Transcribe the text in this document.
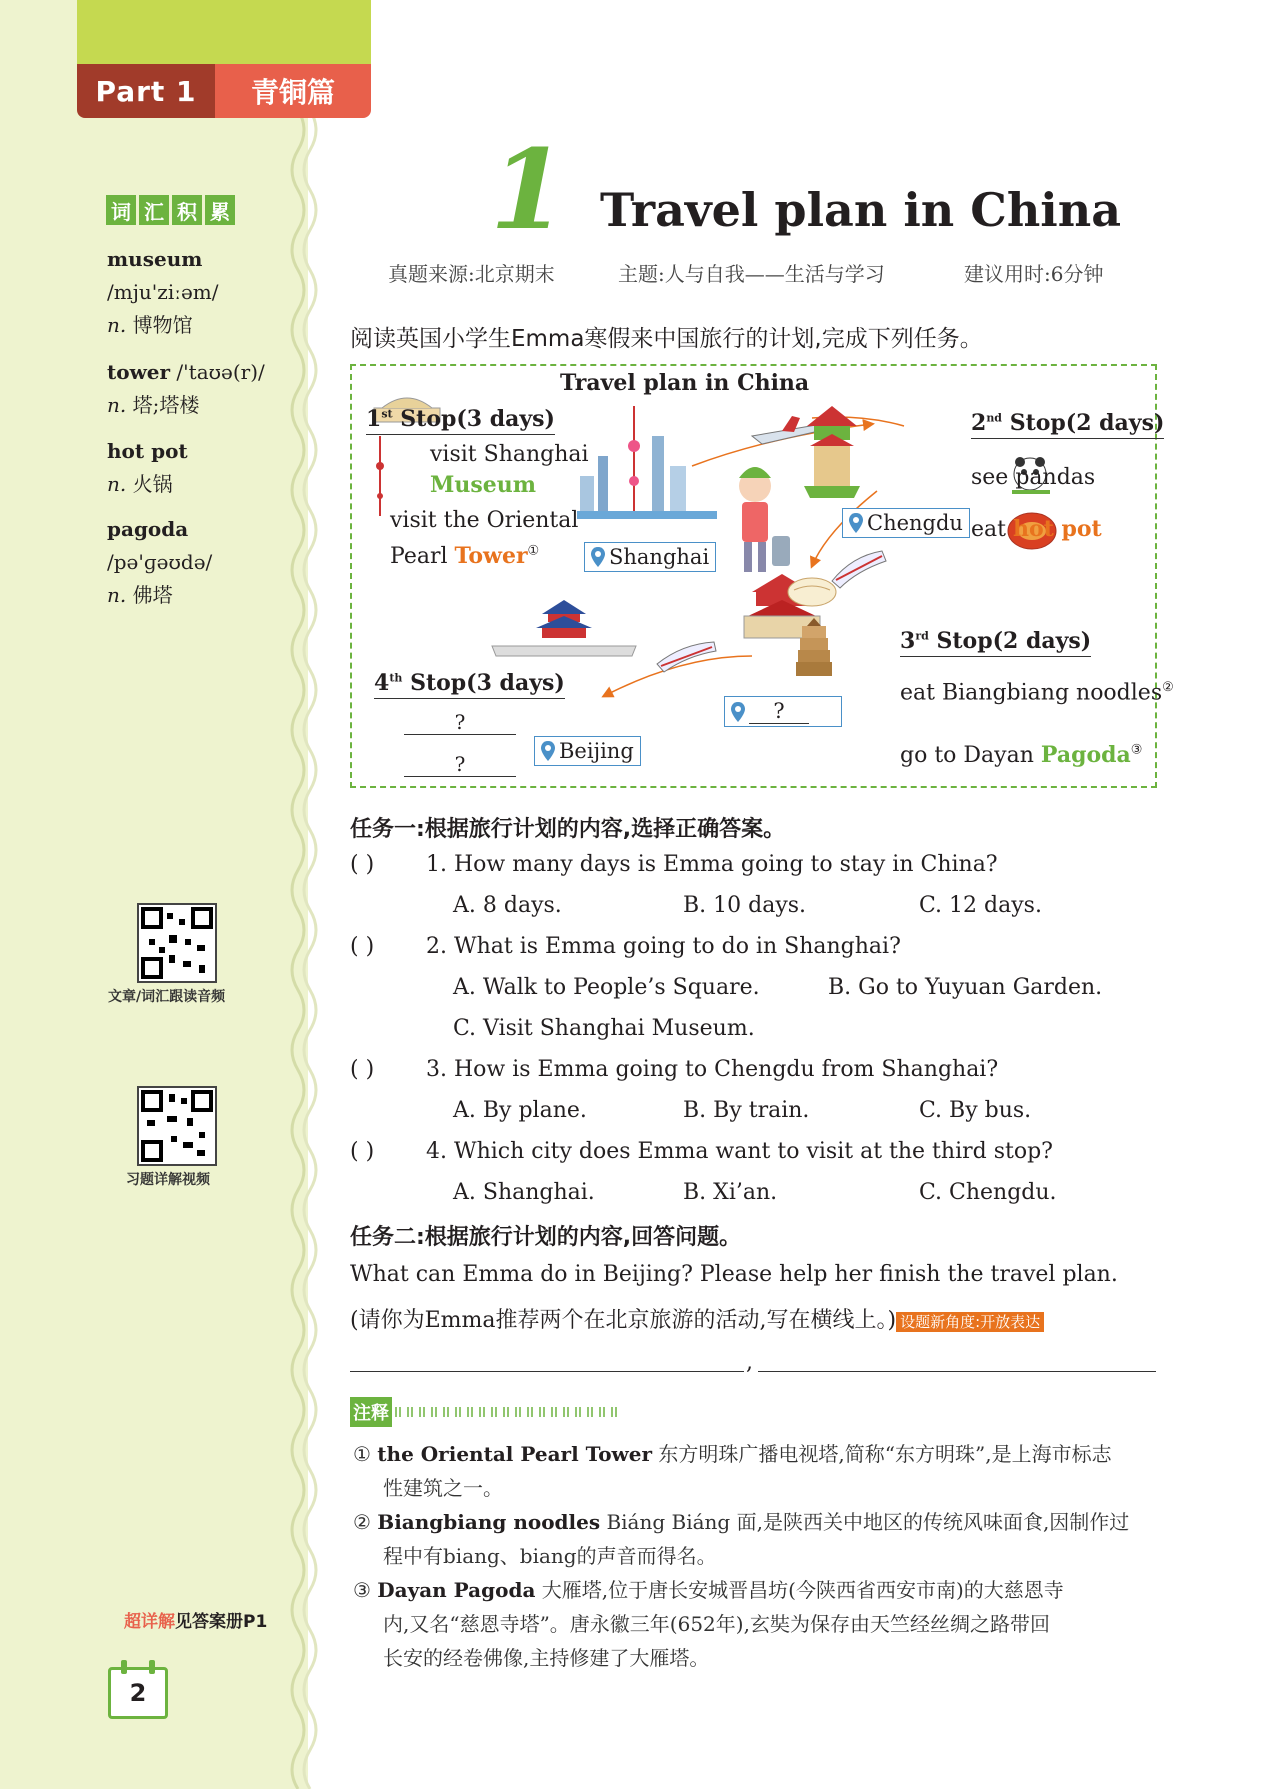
Part 1	青铜篇
词 汇 积 累
museum
/mju'ziːəm/
n. 博物馆
tower /'taʊə(r)/
n. 塔;塔楼
hot pot
n. 火锅
pagoda
/pə'ɡəʊdə/
n. 佛塔
文章/词汇跟读音频
习题详解视频
超详解见答案册P1
2
1 Travel plan in China
真题来源:北京期末	主题:人与自我——生活与学习	建议用时:6分钟
阅读英国小学生Emma寒假来中国旅行的计划,完成下列任务。
Travel plan in China
1st Stop(3 days)
visit Shanghai
Museum
visit the Oriental
Pearl Tower①	Shanghai
2nd Stop(2 days)
see pandas
eat hot pot
Chengdu
3rd Stop(2 days)
eat Biangbiang noodles②
go to Dayan Pagoda③
?
4th Stop(3 days)
?
?
Beijing
任务一:根据旅行计划的内容,选择正确答案。
( ) 1. How many days is Emma going to stay in China?
A. 8 days.	B. 10 days.	C. 12 days.
( ) 2. What is Emma going to do in Shanghai?
A. Walk to People’s Square.	B. Go to Yuyuan Garden.
C. Visit Shanghai Museum.
( ) 3. How is Emma going to Chengdu from Shanghai?
A. By plane.	B. By train.	C. By bus.
( ) 4. Which city does Emma want to visit at the third stop?
A. Shanghai.	B. Xi’an.	C. Chengdu.
任务二:根据旅行计划的内容,回答问题。
What can Emma do in Beijing? Please help her finish the travel plan.
(请你为Emma推荐两个在北京旅游的活动,写在横线上。) 设题新角度:开放表达
,
注释
① the Oriental Pearl Tower 东方明珠广播电视塔,简称“东方明珠”,是上海市标志
性建筑之一。
② Biangbiang noodles Biáng Biáng 面,是陕西关中地区的传统风味面食,因制作过
程中有biang、biang的声音而得名。
③ Dayan Pagoda 大雁塔,位于唐长安城晋昌坊(今陕西省西安市南)的大慈恩寺
内,又名“慈恩寺塔”。唐永徽三年(652年),玄奘为保存由天竺经丝绸之路带回
长安的经卷佛像,主持修建了大雁塔。
